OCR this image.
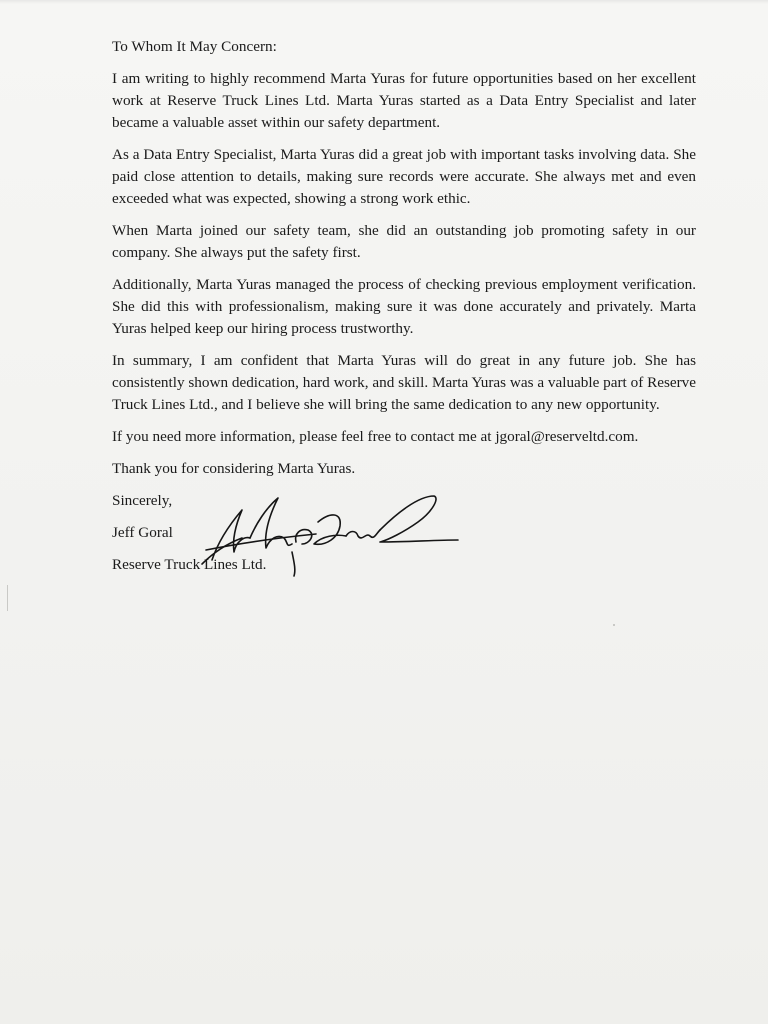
To Whom It May Concern:

I am writing to highly recommend Marta Yuras for future opportunities based on her excellent work at Reserve Truck Lines Ltd. Marta Yuras started as a Data Entry Specialist and later became a valuable asset within our safety department.

As a Data Entry Specialist, Marta Yuras did a great job with important tasks involving data. She paid close attention to details, making sure records were accurate. She always met and even exceeded what was expected, showing a strong work ethic.

When Marta joined our safety team, she did an outstanding job promoting safety in our company. She always put the safety first.

Additionally, Marta Yuras managed the process of checking previous employment verification. She did this with professionalism, making sure it was done accurately and privately. Marta Yuras helped keep our hiring process trustworthy.

In summary, I am confident that Marta Yuras will do great in any future job. She has consistently shown dedication, hard work, and skill. Marta Yuras was a valuable part of Reserve Truck Lines Ltd., and I believe she will bring the same dedication to any new opportunity.

If you need more information, please feel free to contact me at jgoral@reserveltd.com.
Thank you for considering Marta Yuras.
Sincerely,
Jeff Goral
Reserve Truck Lines Ltd.
